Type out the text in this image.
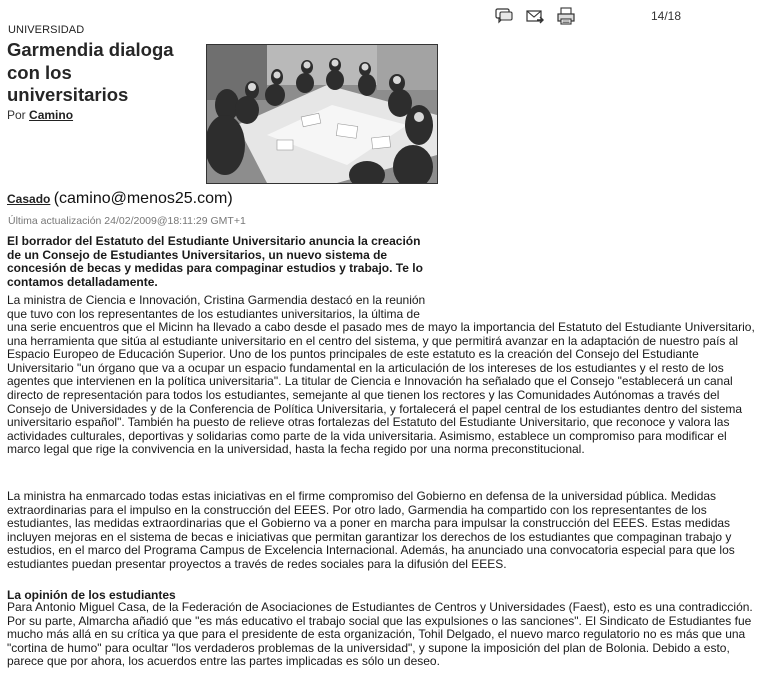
14/18
UNIVERSIDAD
Garmendia dialoga con los universitarios
Por Camino
Casado (camino@menos25.com)
Última actualización 24/02/2009@18:11:29 GMT+1

El borrador del Estatuto del Estudiante Universitario anuncia la creación de un Consejo de Estudiantes Universitarios, un nuevo sistema de concesión de becas y medidas para compaginar estudios y trabajo. Te lo contamos detalladamente.

La ministra de Ciencia e Innovación, Cristina Garmendia destacó en la reunión que tuvo con los representantes de los estudiantes universitarios, la última de

una serie encuentros que el Micinn ha llevado a cabo desde el pasado mes de mayo la importancia del Estatuto del Estudiante Universitario, una herramienta que sitúa al estudiante universitario en el centro del sistema, y que permitirá avanzar en la adaptación de nuestro país al Espacio Europeo de Educación Superior. Uno de los puntos principales de este estatuto es la creación del Consejo del Estudiante Universitario "un órgano que va a ocupar un espacio fundamental en la articulación de los intereses de los estudiantes y el resto de los agentes que intervienen en la política universitaria". La titular de Ciencia e Innovación ha señalado que el Consejo "establecerá un canal directo de representación para todos los estudiantes, semejante al que tienen los rectores y las Comunidades Autónomas a través del Consejo de Universidades y de la Conferencia de Política Universitaria, y fortalecerá el papel central de los estudiantes dentro del sistema universitario español". También ha puesto de relieve otras fortalezas del Estatuto del Estudiante Universitario, que reconoce y valora las actividades culturales, deportivas y solidarias como parte de la vida universitaria. Asimismo, establece un compromiso para modificar el marco legal que rige la convivencia en la universidad, hasta la fecha regido por una norma preconstitucional.

La ministra ha enmarcado todas estas iniciativas en el firme compromiso del Gobierno en defensa de la universidad pública. Medidas extraordinarias para el impulso en la construcción del EEES. Por otro lado, Garmendia ha compartido con los representantes de los estudiantes, las medidas extraordinarias que el Gobierno va a poner en marcha para impulsar la construcción del EEES. Estas medidas incluyen mejoras en el sistema de becas e iniciativas que permitan garantizar los derechos de los estudiantes que compaginan trabajo y estudios, en el marco del Programa Campus de Excelencia Internacional. Además, ha anunciado una convocatoria especial para que los estudiantes puedan presentar proyectos a través de redes sociales para la difusión del EEES.

La opinión de los estudiantes

Para Antonio Miguel Casa, de la Federación de Asociaciones de Estudiantes de Centros y Universidades (Faest), esto es una contradicción. Por su parte, Almarcha añadió que "es más educativo el trabajo social que las expulsiones o las sanciones". El Sindicato de Estudiantes fue mucho más allá en su crítica ya que para el presidente de esta organización, Tohil Delgado, el nuevo marco regulatorio no es más que una "cortina de humo" para ocultar "los verdaderos problemas de la universidad", y supone la imposición del plan de Bolonia. Debido a esto, parece que por ahora, los acuerdos entre las partes implicadas es sólo un deseo.
